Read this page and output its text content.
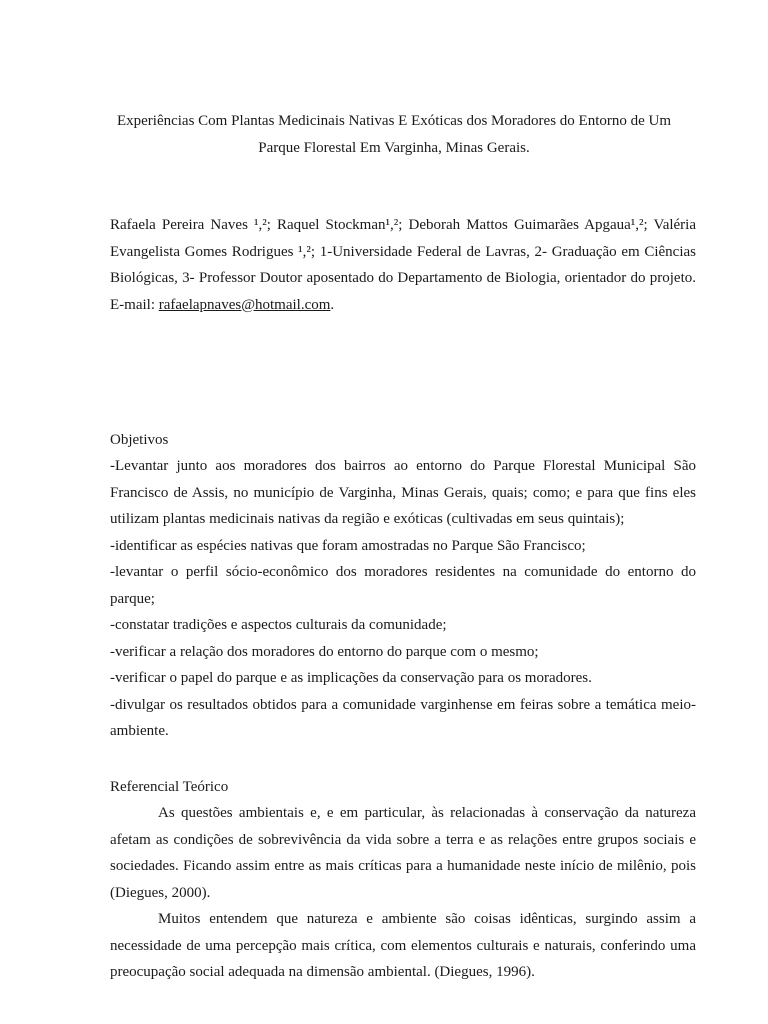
Experiências Com Plantas Medicinais Nativas E Exóticas dos Moradores do Entorno de Um
Parque Florestal Em Varginha, Minas Gerais.
Rafaela Pereira Naves ¹,²; Raquel Stockman¹,²; Deborah Mattos Guimarães Apgaua¹,²; Valéria Evangelista Gomes Rodrigues ¹,²; 1-Universidade Federal de Lavras, 2- Graduação em Ciências Biológicas, 3- Professor Doutor aposentado do Departamento de Biologia, orientador do projeto. E-mail: rafaelapnaves@hotmail.com.
Objetivos
-Levantar junto aos moradores dos bairros ao entorno do Parque Florestal Municipal São Francisco de Assis, no município de Varginha, Minas Gerais, quais; como; e para que fins eles utilizam plantas medicinais nativas da região e exóticas (cultivadas em seus quintais);
-identificar as espécies nativas que foram amostradas no Parque São Francisco;
-levantar o perfil sócio-econômico dos moradores residentes na comunidade do entorno do parque;
-constatar tradições e aspectos culturais da comunidade;
-verificar a relação dos moradores do entorno do parque com o mesmo;
-verificar o papel do parque e as implicações da conservação para os moradores.
-divulgar os resultados obtidos para a comunidade varginhense em feiras sobre a temática meio-ambiente.
Referencial Teórico

As questões ambientais e, e em particular, às relacionadas à conservação da natureza afetam as condições de sobrevivência da vida sobre a terra e as relações entre grupos sociais e sociedades. Ficando assim entre as mais críticas para a humanidade neste início de milênio, pois (Diegues, 2000).

Muitos entendem que natureza e ambiente são coisas idênticas, surgindo assim a necessidade de uma percepção mais crítica, com elementos culturais e naturais, conferindo uma preocupação social adequada na dimensão ambiental. (Diegues, 1996).
